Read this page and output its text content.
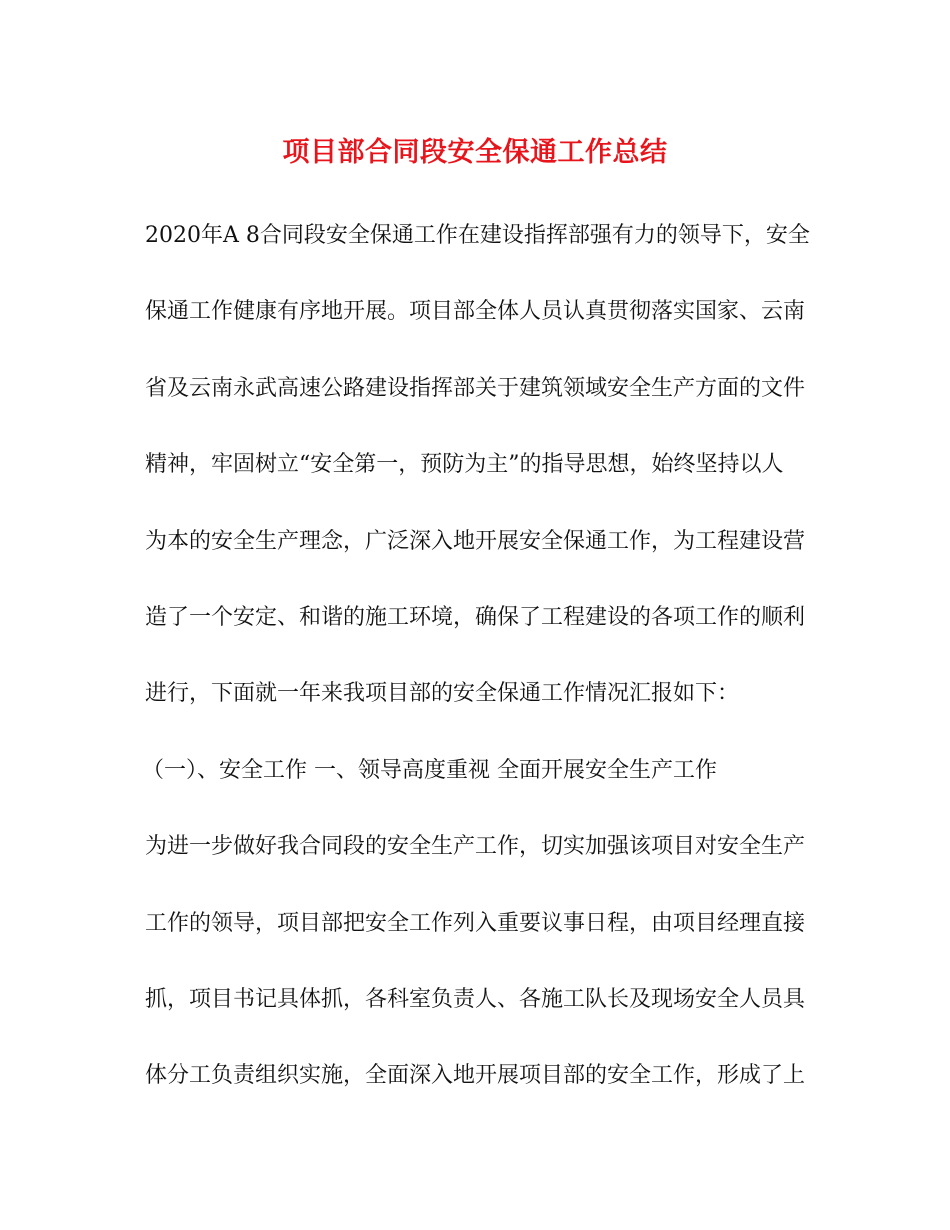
项目部合同段安全保通工作总结
2020年A 8合同段安全保通工作在建设指挥部强有力的领导下，安全
保通工作健康有序地开展。项目部全体人员认真贯彻落实国家、云南
省及云南永武高速公路建设指挥部关于建筑领域安全生产方面的文件
精神，牢固树立“安全第一，预防为主”的指导思想，始终坚持以人
为本的安全生产理念，广泛深入地开展安全保通工作，为工程建设营
造了一个安定、和谐的施工环境，确保了工程建设的各项工作的顺利
进行，下面就一年来我项目部的安全保通工作情况汇报如下：
（一）、安全工作 一、领导高度重视 全面开展安全生产工作
为进一步做好我合同段的安全生产工作，切实加强该项目对安全生产
工作的领导，项目部把安全工作列入重要议事日程，由项目经理直接
抓，项目书记具体抓，各科室负责人、各施工队长及现场安全人员具
体分工负责组织实施，全面深入地开展项目部的安全工作，形成了上
